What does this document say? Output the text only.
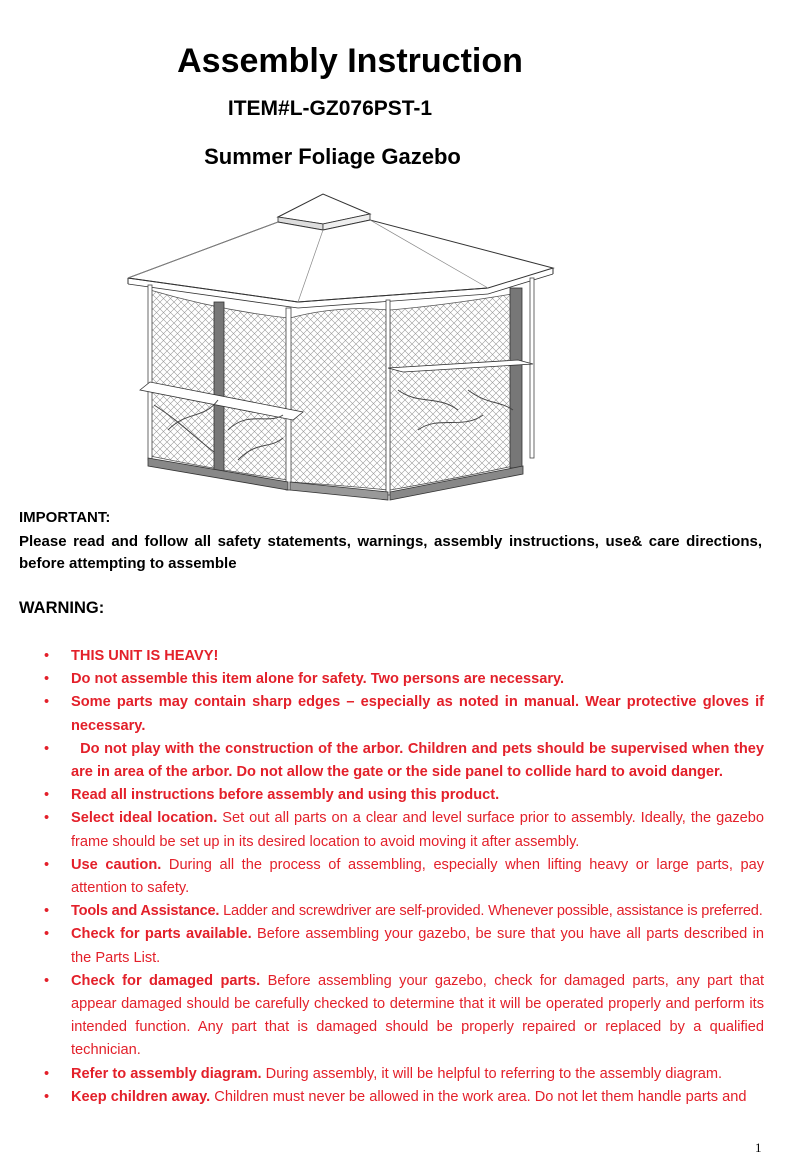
Assembly Instruction
ITEM#L-GZ076PST-1
Summer Foliage Gazebo
IMPORTANT:
Please read and follow all safety statements, warnings, assembly instructions, use& care directions, before attempting to assemble
WARNING:
• THIS UNIT IS HEAVY!
• Do not assemble this item alone for safety. Two persons are necessary.
• Some parts may contain sharp edges – especially as noted in manual. Wear protective gloves if necessary.
• Do not play with the construction of the arbor. Children and pets should be supervised when they are in area of the arbor. Do not allow the gate or the side panel to collide hard to avoid danger.
• Read all instructions before assembly and using this product.
• Select ideal location. Set out all parts on a clear and level surface prior to assembly. Ideally, the gazebo frame should be set up in its desired location to avoid moving it after assembly.
• Use caution. During all the process of assembling, especially when lifting heavy or large parts, pay attention to safety.
• Tools and Assistance. Ladder and screwdriver are self-provided. Whenever possible, assistance is preferred.
• Check for parts available. Before assembling your gazebo, be sure that you have all parts described in the Parts List.
• Check for damaged parts. Before assembling your gazebo, check for damaged parts, any part that appear damaged should be carefully checked to determine that it will be operated properly and perform its intended function. Any part that is damaged should be properly repaired or replaced by a qualified technician.
• Refer to assembly diagram. During assembly, it will be helpful to referring to the assembly diagram.
• Keep children away. Children must never be allowed in the work area. Do not let them handle parts and
1
